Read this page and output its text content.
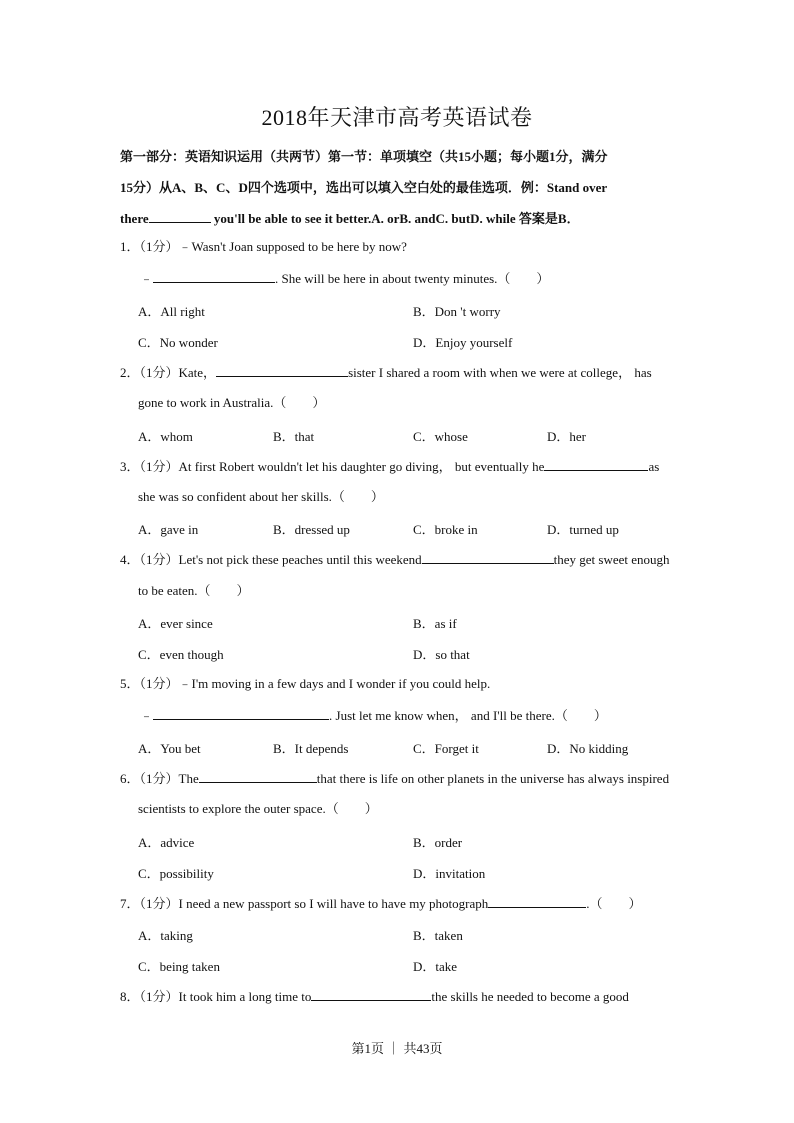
2018年天津市高考英语试卷
第一部分：英语知识运用（共两节）第一节：单项填空（共15小题；每小题1分，满分
15分）从A、B、C、D四个选项中，选出可以填入空白处的最佳选项．例：Stand over
there	you'll be able to see it better.A. orB. andC. butD. while 答案是B．
1．（1分）﹣Wasn't Joan supposed to be here by now?
﹣	. She will be here in about twenty minutes.（　　）
A．All right	B．Don 't worry
C．No wonder	D．Enjoy yourself
2．（1分）Kate，	sister I shared a room with when we were at college， has
gone to work in Australia.（　　）
A．whom	B．that	C．whose	D．her
3．（1分）At first Robert wouldn't let his daughter go diving， but eventually he	as
she was so confident about her skills.（　　）
A．gave in	B．dressed up	C．broke in	D．turned up
4．（1分）Let's not pick these peaches until this weekend	they get sweet enough
to be eaten.（　　）
A．ever since	B．as if
C．even though	D．so that
5．（1分）﹣I'm moving in a few days and I wonder if you could help.
﹣	. Just let me know when， and I'll be there.（　　）
A．You bet	B．It depends	C．Forget it	D．No kidding
6．（1分）The	that there is life on other planets in the universe has always inspired
scientists to explore the outer space.（　　）
A．advice	B．order
C．possibility	D．invitation
7．（1分）I need a new passport so I will have to have my photograph	.（　　）
A．taking	B．taken
C．being taken	D．take
8．（1分）It took him a long time to	the skills he needed to become a good
第1页 ｜ 共43页
